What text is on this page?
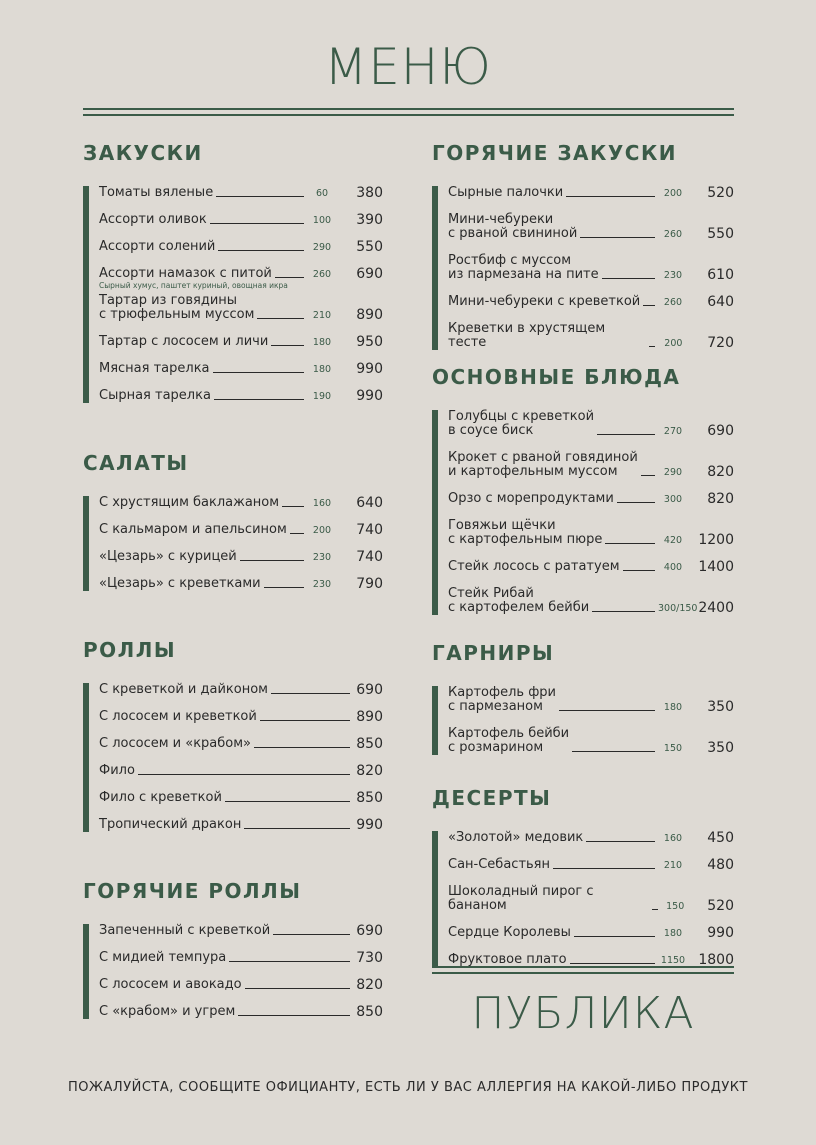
МЕНЮ
ЗАКУСКИ
Томаты вяленые	60	380
Ассорти оливок	100	390
Ассорти солений	290	550
Ассорти намазок с питой	260	690
Сырный хумус, паштет куриный, овощная икра
Тартар из говядины
с трюфельным муссом	210	890
Тартар с лососем и личи	180	950
Мясная тарелка	180	990
Сырная тарелка	190	990
САЛАТЫ
С хрустящим баклажаном	160	640
С кальмаром и апельсином	200	740
«Цезарь» с курицей	230	740
«Цезарь» с креветками	230	790
РОЛЛЫ
С креветкой и дайконом	690
С лососем и креветкой	890
С лососем и «крабом»	850
Фило	820
Фило с креветкой	850
Тропический дракон	990
ГОРЯЧИЕ РОЛЛЫ
Запеченный с креветкой	690
С мидией темпура	730
С лососем и авокадо	820
С «крабом» и угрем	850
ГОРЯЧИЕ ЗАКУСКИ
Сырные палочки	200	520
Мини-чебуреки
с рваной свининой	260	550
Ростбиф с муссом
из пармезана на пите	230	610
Мини-чебуреки с креветкой	260	640
Креветки в хрустящем тесте	200	720
ОСНОВНЫЕ БЛЮДА
Голубцы с креветкой
в соусе биск	270	690
Крокет с рваной говядиной
и картофельным муссом	290	820
Орзо с морепродуктами	300	820
Говяжьи щёчки
с картофельным пюре	420	1200
Стейк лосось с рататуем	400	1400
Стейк Рибай
с картофелем бейби	300/150 2400
ГАРНИРЫ
Картофель фри
с пармезаном	180	350
Картофель бейби
с розмарином	150	350
ДЕСЕРТЫ
«Золотой» медовик	160	450
Сан-Себастьян	210	480
Шоколадный пирог с бананом	150	520
Сердце Королевы	180	990
Фруктовое плато	1150 1800
ПУБЛИКА
ПОЖАЛУЙСТА, СООБЩИТЕ ОФИЦИАНТУ, ЕСТЬ ЛИ У ВАС АЛЛЕРГИЯ НА КАКОЙ-ЛИБО ПРОДУКТ
